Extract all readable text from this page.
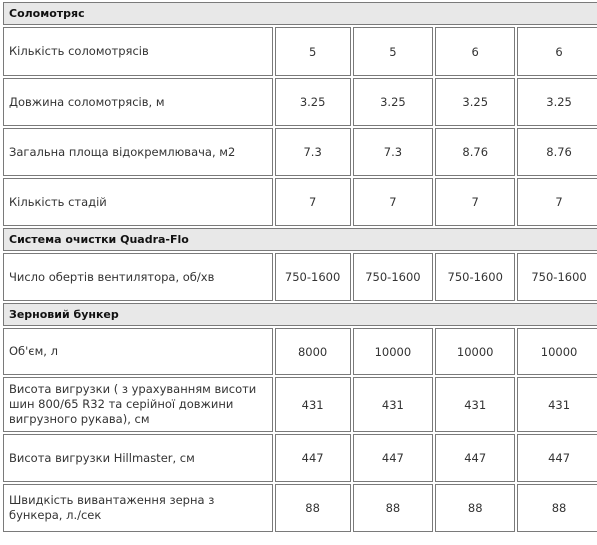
Соломотряс				
Кількість соломотрясів	5	5	6	6
Довжина соломотрясів, м	3.25	3.25	3.25	3.25
Загальна площа відокремлювача, м2	7.3	7.3	8.76	8.76
Кількість стадій	7	7	7	7
Система очистки Quadra-Flo				
Число обертів вентилятора, об/хв	750-1600	750-1600	750-1600	750-1600
Зерновий бункер				
Об'єм, л	8000	10000	10000	10000
Висота вигрузки ( з урахуванням висоти шин 800/65 R32 та серійної довжини вигрузного рукава), см	431	431	431	431
Висота вигрузки Hillmaster, см	447	447	447	447
Швидкість вивантаження зерна з бункера, л./сек	88	88	88	88
